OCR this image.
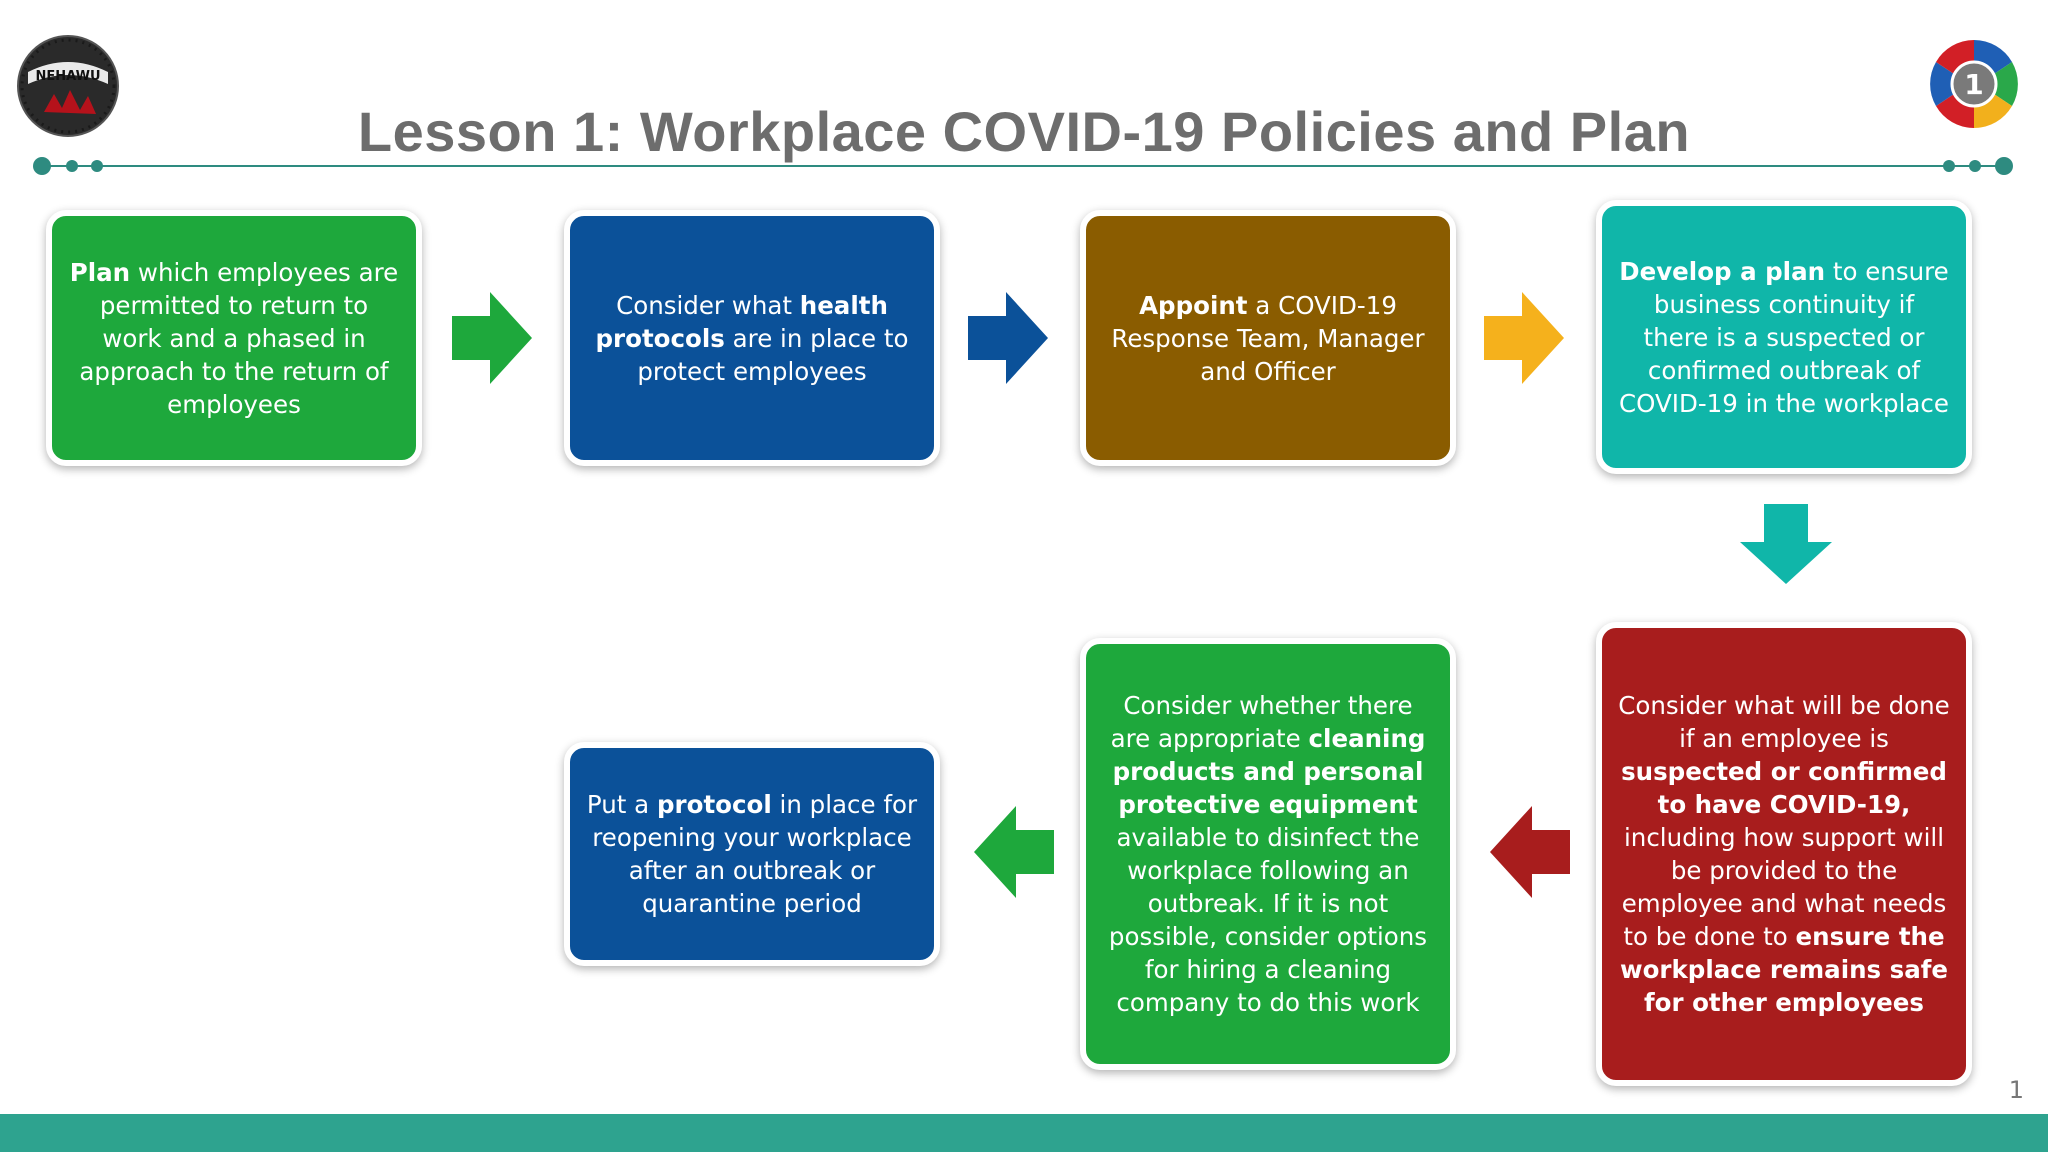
NEHAWU	1
Lesson 1: Workplace COVID-19 Policies and Plan
Plan which employees are permitted to return to work and a phased in approach to the return of employees
Consider what health protocols are in place to protect employees
Appoint a COVID-19 Response Team, Manager and Officer
Develop a plan to ensure business continuity if there is a suspected or confirmed outbreak of COVID-19 in the workplace
Consider what will be done if an employee is suspected or confirmed to have COVID-19, including how support will be provided to the employee and what needs to be done to ensure the workplace remains safe for other employees
Consider whether there are appropriate cleaning products and personal protective equipment available to disinfect the workplace following an outbreak. If it is not possible, consider options for hiring a cleaning company to do this work
Put a protocol in place for reopening your workplace after an outbreak or quarantine period
1
